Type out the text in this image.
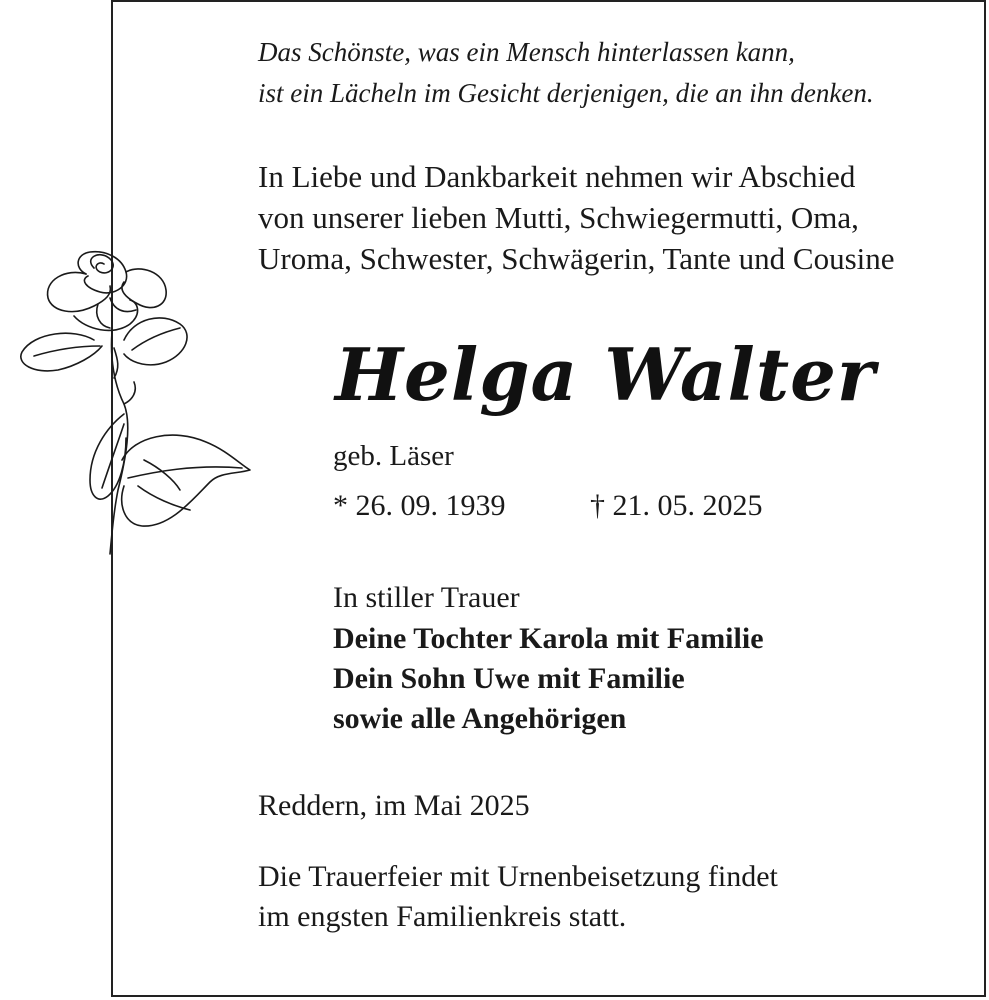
Das Schönste, was ein Mensch hinterlassen kann,
ist ein Lächeln im Gesicht derjenigen, die an ihn denken.
In Liebe und Dankbarkeit nehmen wir Abschied
von unserer lieben Mutti, Schwiegermutti, Oma,
Uroma, Schwester, Schwägerin, Tante und Cousine
Helga Walter
geb. Läser
* 26. 09. 1939	† 21. 05. 2025
In stiller Trauer
Deine Tochter Karola mit Familie
Dein Sohn Uwe mit Familie
sowie alle Angehörigen
Reddern, im Mai 2025
Die Trauerfeier mit Urnenbeisetzung findet
im engsten Familienkreis statt.
